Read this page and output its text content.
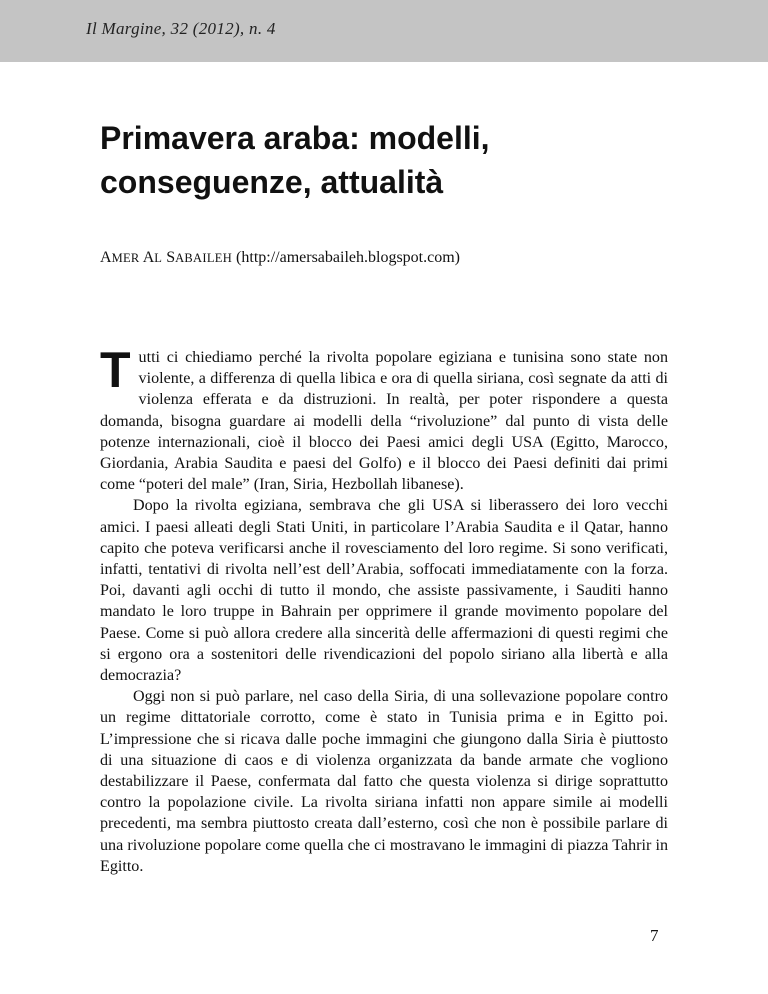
Il Margine, 32 (2012), n. 4
Primavera araba: modelli,
conseguenze, attualità
AMER AL SABAILEH (http://amersabaileh.blogspot.com)

Tutti ci chiediamo perché la rivolta popolare egiziana e tunisina sono state non violente, a differenza di quella libica e ora di quella siriana, così segnate da atti di violenza efferata e da distruzioni. In realtà, per poter rispondere a questa domanda, bisogna guardare ai modelli della “rivoluzione” dal punto di vista delle potenze internazionali, cioè il blocco dei Paesi amici degli USA (Egitto, Marocco, Giordania, Arabia Saudita e paesi del Golfo) e il blocco dei Paesi definiti dai primi come “poteri del male” (Iran, Siria, Hezbollah libanese).

Dopo la rivolta egiziana, sembrava che gli USA si liberassero dei loro vecchi amici. I paesi alleati degli Stati Uniti, in particolare l’Arabia Saudita e il Qatar, hanno capito che poteva verificarsi anche il rovesciamento del loro regime. Si sono verificati, infatti, tentativi di rivolta nell’est dell’Arabia, soffocati immediatamente con la forza. Poi, davanti agli occhi di tutto il mondo, che assiste passivamente, i Sauditi hanno mandato le loro truppe in Bahrain per opprimere il grande movimento popolare del Paese. Come si può allora credere alla sincerità delle affermazioni di questi regimi che si ergono ora a sostenitori delle rivendicazioni del popolo siriano alla libertà e alla democrazia?

Oggi non si può parlare, nel caso della Siria, di una sollevazione popolare contro un regime dittatoriale corrotto, come è stato in Tunisia prima e in Egitto poi. L’impressione che si ricava dalle poche immagini che giungono dalla Siria è piuttosto di una situazione di caos e di violenza organizzata da bande armate che vogliono destabilizzare il Paese, confermata dal fatto che questa violenza si dirige soprattutto contro la popolazione civile. La rivolta siriana infatti non appare simile ai modelli precedenti, ma sembra piuttosto creata dall’esterno, così che non è possibile parlare di una rivoluzione popolare come quella che ci mostravano le immagini di piazza Tahrir in Egitto.

7
